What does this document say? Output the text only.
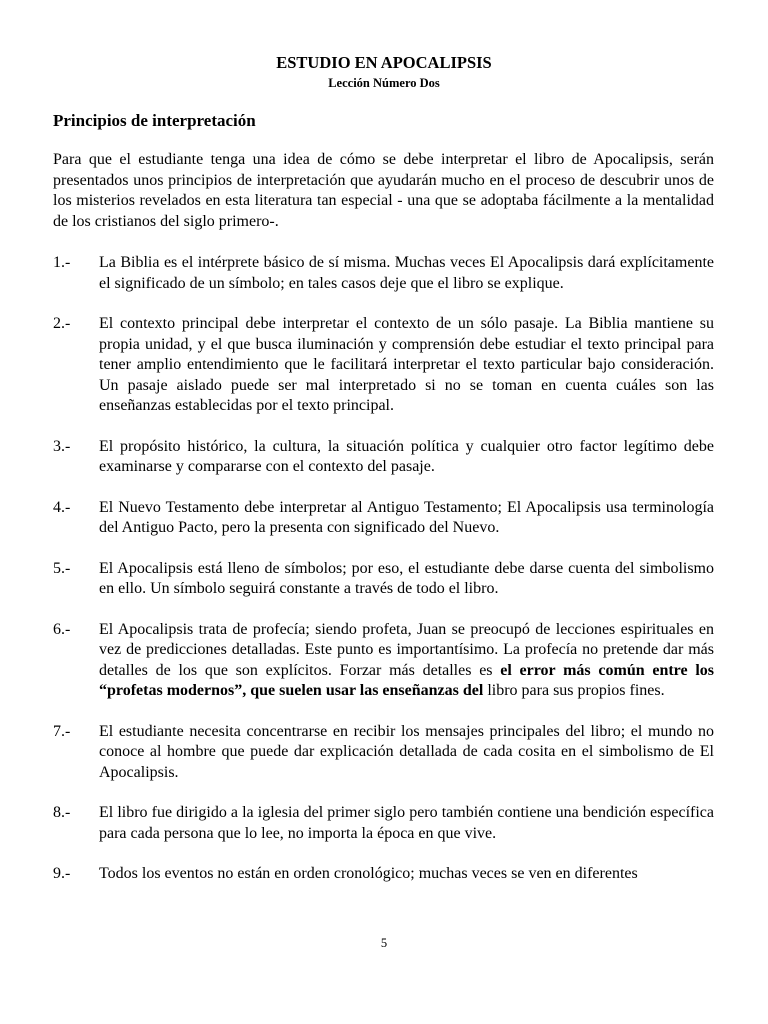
ESTUDIO EN APOCALIPSIS
Lección Número Dos
Principios de interpretación
Para que el estudiante tenga una idea de cómo se debe interpretar el libro de Apocalipsis, serán presentados unos principios de interpretación que ayudarán mucho en el proceso de descubrir unos de los misterios revelados en esta literatura tan especial - una que se adoptaba fácilmente a la mentalidad de los cristianos del siglo primero-.
1.-	La Biblia es el intérprete básico de sí misma. Muchas veces El Apocalipsis dará explícitamente el significado de un símbolo; en tales casos deje que el libro se explique.
2.-	El contexto principal debe interpretar el contexto de un sólo pasaje. La Biblia mantiene su propia unidad, y el que busca iluminación y comprensión debe estudiar el texto principal para tener amplio entendimiento que le facilitará interpretar el texto particular bajo consideración. Un pasaje aislado puede ser mal interpretado si no se toman en cuenta cuáles son las enseñanzas establecidas por el texto principal.
3.-	El propósito histórico, la cultura, la situación política y cualquier otro factor legítimo debe examinarse y compararse con el contexto del pasaje.
4.-	El Nuevo Testamento debe interpretar al Antiguo Testamento; El Apocalipsis usa terminología del Antiguo Pacto, pero la presenta con significado del Nuevo.
5.-	El Apocalipsis está lleno de símbolos; por eso, el estudiante debe darse cuenta del simbolismo en ello. Un símbolo seguirá constante a través de todo el libro.
6.-	El Apocalipsis trata de profecía; siendo profeta, Juan se preocupó de lecciones espirituales en vez de predicciones detalladas. Este punto es importantísimo. La profecía no pretende dar más detalles de los que son explícitos. Forzar más detalles es el error más común entre los “profetas modernos”, que suelen usar las enseñanzas del libro para sus propios fines.
7.-	El estudiante necesita concentrarse en recibir los mensajes principales del libro; el mundo no conoce al hombre que puede dar explicación detallada de cada cosita en el simbolismo de El Apocalipsis.
8.-	El libro fue dirigido a la iglesia del primer siglo pero también contiene una bendición específica para cada persona que lo lee, no importa la época en que vive.
9.-	Todos los eventos no están en orden cronológico; muchas veces se ven en diferentes
5
